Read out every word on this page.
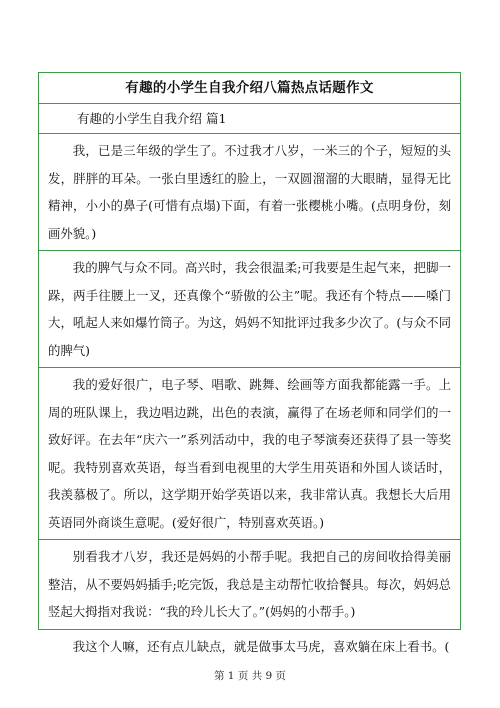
有趣的小学生自我介绍八篇热点话题作文
有趣的小学生自我介绍 篇1
我，已是三年级的学生了。不过我才八岁，一米三的个子，短短的头发，胖胖的耳朵。一张白里透红的脸上，一双圆溜溜的大眼睛，显得无比精神，小小的鼻子(可惜有点塌)下面，有着一张樱桃小嘴。(点明身份，刻画外貌。)
我的脾气与众不同。高兴时，我会很温柔;可我要是生起气来，把脚一跺，两手往腰上一叉，还真像个“骄傲的公主”呢。我还有个特点——嗓门大，吼起人来如爆竹筒子。为这，妈妈不知批评过我多少次了。(与众不同的脾气)
我的爱好很广，电子琴、唱歌、跳舞、绘画等方面我都能露一手。上周的班队课上，我边唱边跳，出色的表演，赢得了在场老师和同学们的一致好评。在去年“庆六一”系列活动中，我的电子琴演奏还获得了县一等奖呢。我特别喜欢英语，每当看到电视里的大学生用英语和外国人谈话时，我羡慕极了。所以，这学期开始学英语以来，我非常认真。我想长大后用英语同外商谈生意呢。(爱好很广，特别喜欢英语。)
别看我才八岁，我还是妈妈的小帮手呢。我把自己的房间收拾得美丽整洁，从不要妈妈插手;吃完饭，我总是主动帮忙收拾餐具。每次，妈妈总竖起大拇指对我说：“我的玲儿长大了。”(妈妈的小帮手。)
我这个人嘛，还有点儿缺点，就是做事太马虎，喜欢躺在床上看书。(
第 1 页 共 9 页
